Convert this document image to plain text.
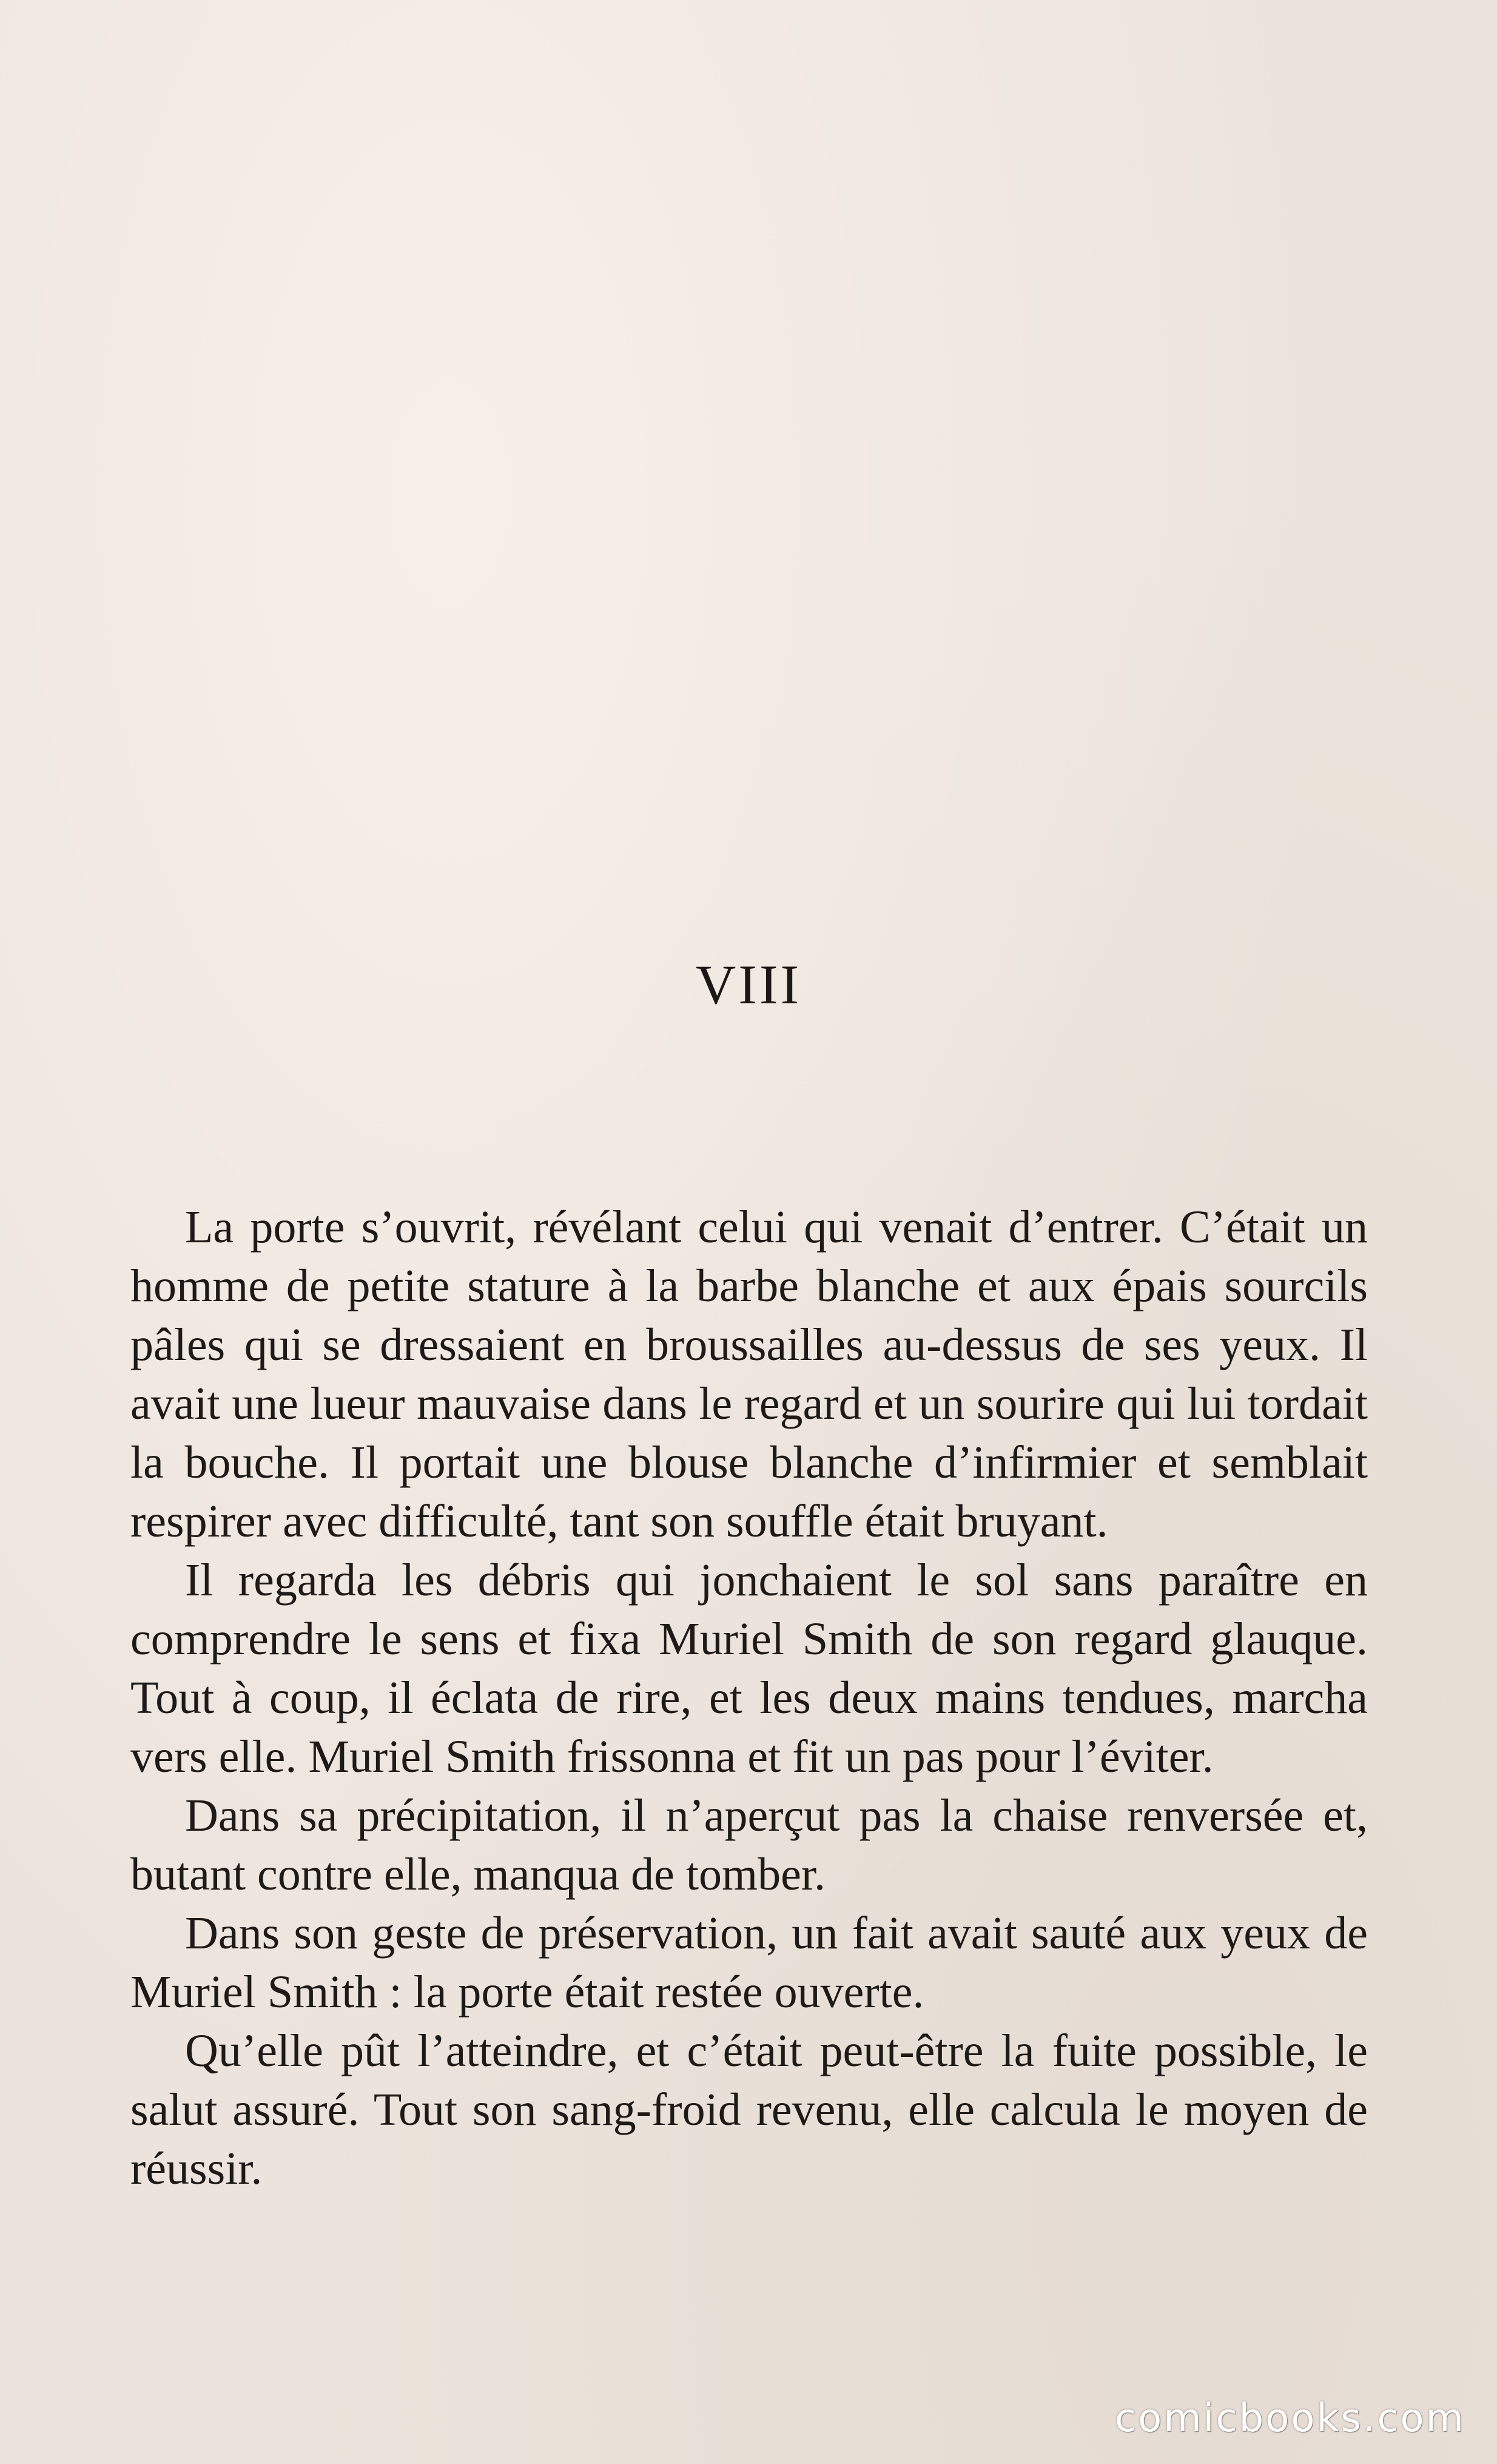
VIII

La porte s’ouvrit, révélant celui qui venait d’entrer. C’était un homme de petite stature à la barbe blanche et aux épais sourcils pâles qui se dressaient en broussailles au-dessus de ses yeux. Il avait une lueur mauvaise dans le regard et un sourire qui lui tordait la bouche. Il portait une blouse blanche d’infirmier et semblait respirer avec difficulté, tant son souffle était bruyant.

Il regarda les débris qui jonchaient le sol sans paraître en comprendre le sens et fixa Muriel Smith de son regard glauque. Tout à coup, il éclata de rire, et les deux mains tendues, marcha vers elle. Muriel Smith frissonna et fit un pas pour l’éviter.

Dans sa précipitation, il n’aperçut pas la chaise renversée et, butant contre elle, manqua de tomber.

Dans son geste de préservation, un fait avait sauté aux yeux de Muriel Smith : la porte était restée ouverte.

Qu’elle pût l’atteindre, et c’était peut-être la fuite possible, le salut assuré. Tout son sang-froid revenu, elle calcula le moyen de réussir.

comicbooks.com
